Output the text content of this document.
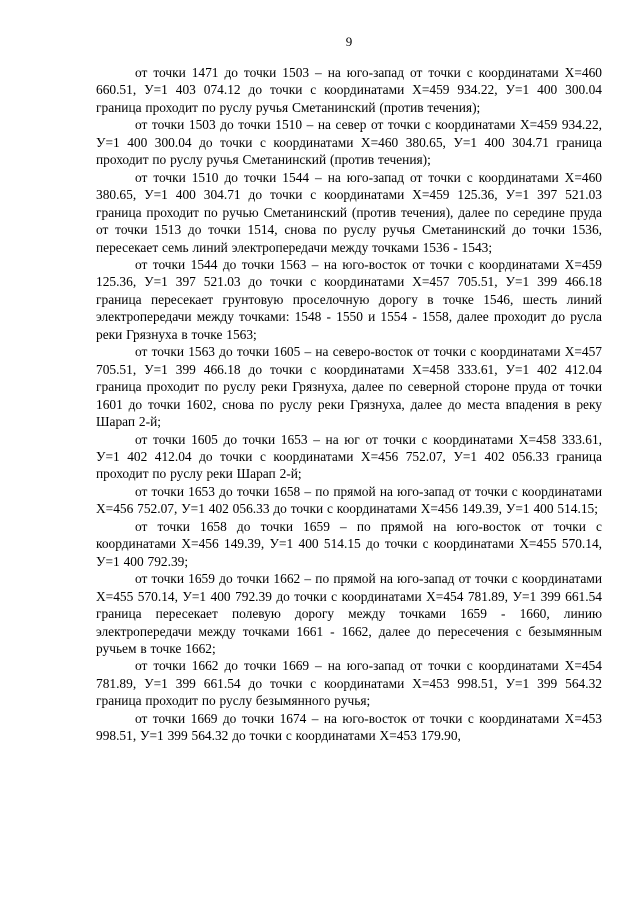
9

от точки 1471 до точки 1503 – на юго-запад от точки с координатами X=460 660.51, У=1 403 074.12 до точки с координатами X=459 934.22, У=1 400 300.04 граница проходит по руслу ручья Сметанинский (против течения);

от точки 1503 до точки 1510 – на север от точки с координатами X=459 934.22, У=1 400 300.04 до точки с координатами X=460 380.65, У=1 400 304.71 граница проходит по руслу ручья Сметанинский (против течения);

от точки 1510 до точки 1544 – на юго-запад от точки с координатами X=460 380.65, У=1 400 304.71 до точки с координатами X=459 125.36, У=1 397 521.03 граница проходит по ручью Сметанинский (против течения), далее по середине пруда от точки 1513 до точки 1514, снова по руслу ручья Сметанинский до точки 1536, пересекает семь линий электропередачи между точками 1536 - 1543;

от точки 1544 до точки 1563 – на юго-восток от точки с координатами X=459 125.36, У=1 397 521.03 до точки с координатами X=457 705.51, У=1 399 466.18 граница пересекает грунтовую проселочную дорогу в точке 1546, шесть линий электропередачи между точками: 1548 - 1550 и 1554 - 1558, далее проходит до русла реки Грязнуха в точке 1563;

от точки 1563 до точки 1605 – на северо-восток от точки с координатами X=457 705.51, У=1 399 466.18 до точки с координатами X=458 333.61, У=1 402 412.04 граница проходит по руслу реки Грязнуха, далее по северной стороне пруда от точки 1601 до точки 1602, снова по руслу реки Грязнуха, далее до места впадения в реку Шарап 2-й;

от точки 1605 до точки 1653 – на юг от точки с координатами X=458 333.61, У=1 402 412.04 до точки с координатами X=456 752.07, У=1 402 056.33 граница проходит по руслу реки Шарап 2-й;

от точки 1653 до точки 1658 – по прямой на юго-запад от точки с координатами X=456 752.07, У=1 402 056.33 до точки с координатами X=456 149.39, У=1 400 514.15;

от точки 1658 до точки 1659 – по прямой на юго-восток от точки с координатами X=456 149.39, У=1 400 514.15 до точки с координатами X=455 570.14, У=1 400 792.39;

от точки 1659 до точки 1662 – по прямой на юго-запад от точки с координатами X=455 570.14, У=1 400 792.39 до точки с координатами X=454 781.89, У=1 399 661.54 граница пересекает полевую дорогу между точками 1659 - 1660, линию электропередачи между точками 1661 - 1662, далее до пересечения с безымянным ручьем в точке 1662;

от точки 1662 до точки 1669 – на юго-запад от точки с координатами X=454 781.89, У=1 399 661.54 до точки с координатами X=453 998.51, У=1 399 564.32 граница проходит по руслу безымянного ручья;

от точки 1669 до точки 1674 – на юго-восток от точки с координатами X=453 998.51, У=1 399 564.32 до точки с координатами X=453 179.90,
